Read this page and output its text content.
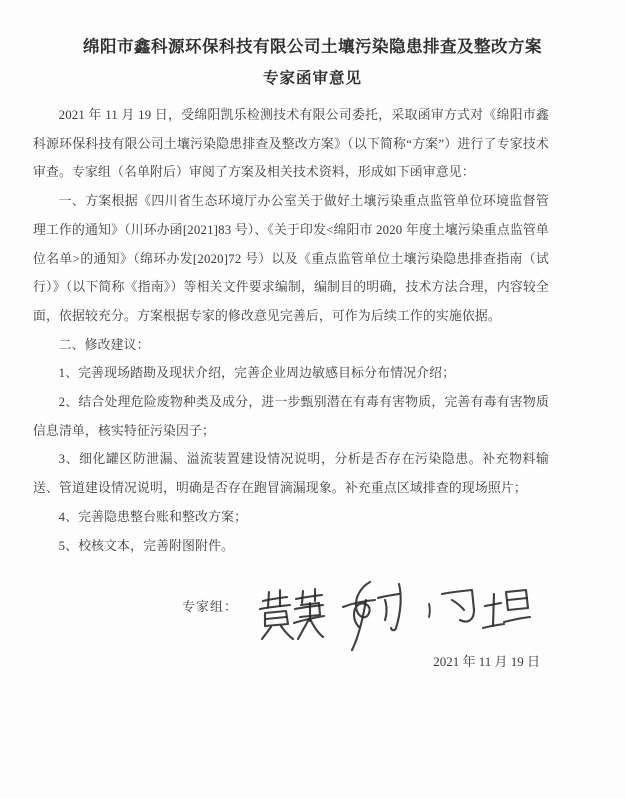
绵阳市鑫科源环保科技有限公司土壤污染隐患排查及整改方案
专家函审意见

2021 年 11 月 19 日，受绵阳凯乐检测技术有限公司委托，采取函审方式对《绵阳市鑫科源环保科技有限公司土壤污染隐患排查及整改方案》（以下简称“方案”）进行了专家技术审查。专家组（名单附后）审阅了方案及相关技术资料，形成如下函审意见：

一、方案根据《四川省生态环境厅办公室关于做好土壤污染重点监管单位环境监督管理工作的通知》（川环办函[2021]83 号）、《关于印发<绵阳市 2020 年度土壤污染重点监管单位名单>的通知》（绵环办发[2020]72 号）以及《重点监管单位土壤污染隐患排查指南（试行）》（以下简称《指南》）等相关文件要求编制，编制目的明确，技术方法合理，内容较全面，依据较充分。方案根据专家的修改意见完善后，可作为后续工作的实施依据。

二、修改建议：

1、完善现场踏勘及现状介绍，完善企业周边敏感目标分布情况介绍；

2、结合处理危险废物种类及成分，进一步甄别潜在有毒有害物质，完善有毒有害物质信息清单，核实特征污染因子；

3、细化罐区防泄漏、溢流装置建设情况说明，分析是否存在污染隐患。补充物料输送、管道建设情况说明，明确是否存在跑冒滴漏现象。补充重点区域排查的现场照片；

4、完善隐患整台账和整改方案；

5、校核文本，完善附图附件。

专家组：
2021 年 11 月 19 日
